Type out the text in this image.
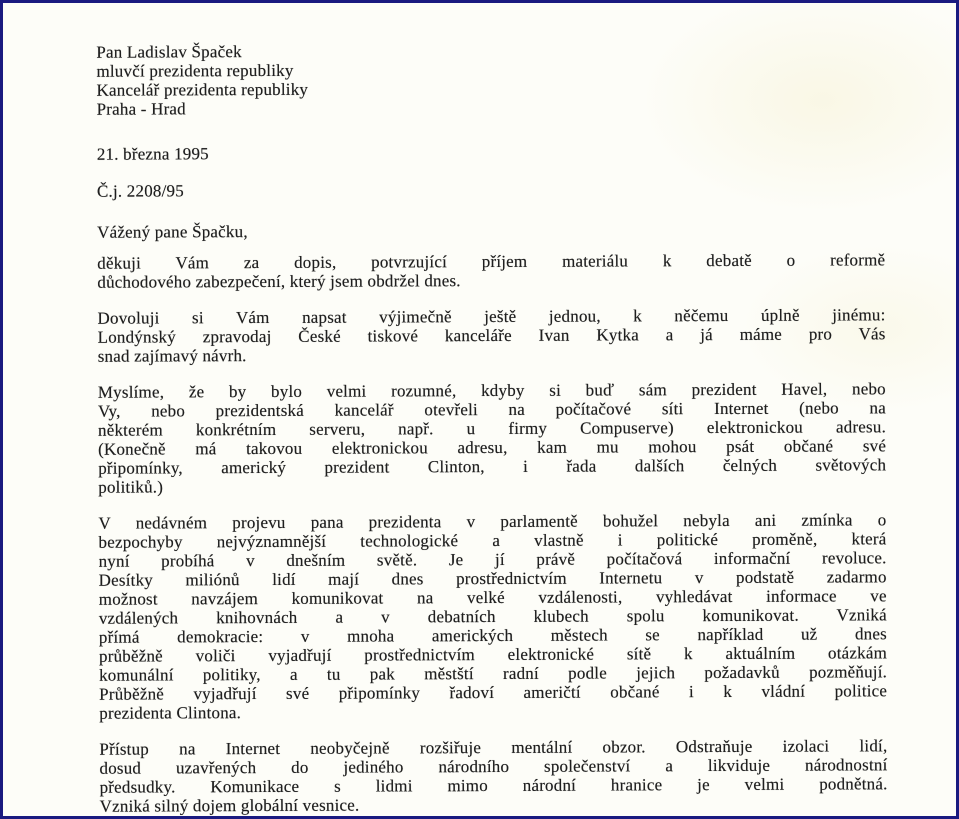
Pan Ladislav Špaček
mluvčí prezidenta republiky
Kancelář prezidenta republiky
Praha - Hrad
21. března 1995
Č.j. 2208/95
Vážený pane Špačku,
děkuji Vám za dopis, potvrzující příjem materiálu k debatě o reformě
důchodového zabezpečení, který jsem obdržel dnes.
Dovoluji si Vám napsat výjimečně ještě jednou, k něčemu úplně jinému:
Londýnský zpravodaj České tiskové kanceláře Ivan Kytka a já máme pro Vás
snad zajímavý návrh.
Myslíme, že by bylo velmi rozumné, kdyby si buď sám prezident Havel, nebo
Vy, nebo prezidentská kancelář otevřeli na počítačové síti Internet (nebo na
některém konkrétním serveru, např. u firmy Compuserve) elektronickou adresu.
(Konečně má takovou elektronickou adresu, kam mu mohou psát občané své
připomínky, americký prezident Clinton, i řada dalších čelných světových
politiků.)
V nedávném projevu pana prezidenta v parlamentě bohužel nebyla ani zmínka o
bezpochyby nejvýznamnější technologické a vlastně i politické proměně, která
nyní probíhá v dnešním světě. Je jí právě počítačová informační revoluce.
Desítky miliónů lidí mají dnes prostřednictvím Internetu v podstatě zadarmo
možnost navzájem komunikovat na velké vzdálenosti, vyhledávat informace ve
vzdálených knihovnách a v debatních klubech spolu komunikovat. Vzniká
přímá demokracie: v mnoha amerických městech se například už dnes
průběžně voliči vyjadřují prostřednictvím elektronické sítě k aktuálním otázkám
komunální politiky, a tu pak městští radní podle jejich požadavků pozměňují.
Průběžně vyjadřují své připomínky řadoví američtí občané i k vládní politice
prezidenta Clintona.
Přístup na Internet neobyčejně rozšiřuje mentální obzor. Odstraňuje izolaci lidí,
dosud uzavřených do jediného národního společenství a likviduje národnostní
předsudky. Komunikace s lidmi mimo národní hranice je velmi podnětná.
Vzniká silný dojem globální vesnice.
